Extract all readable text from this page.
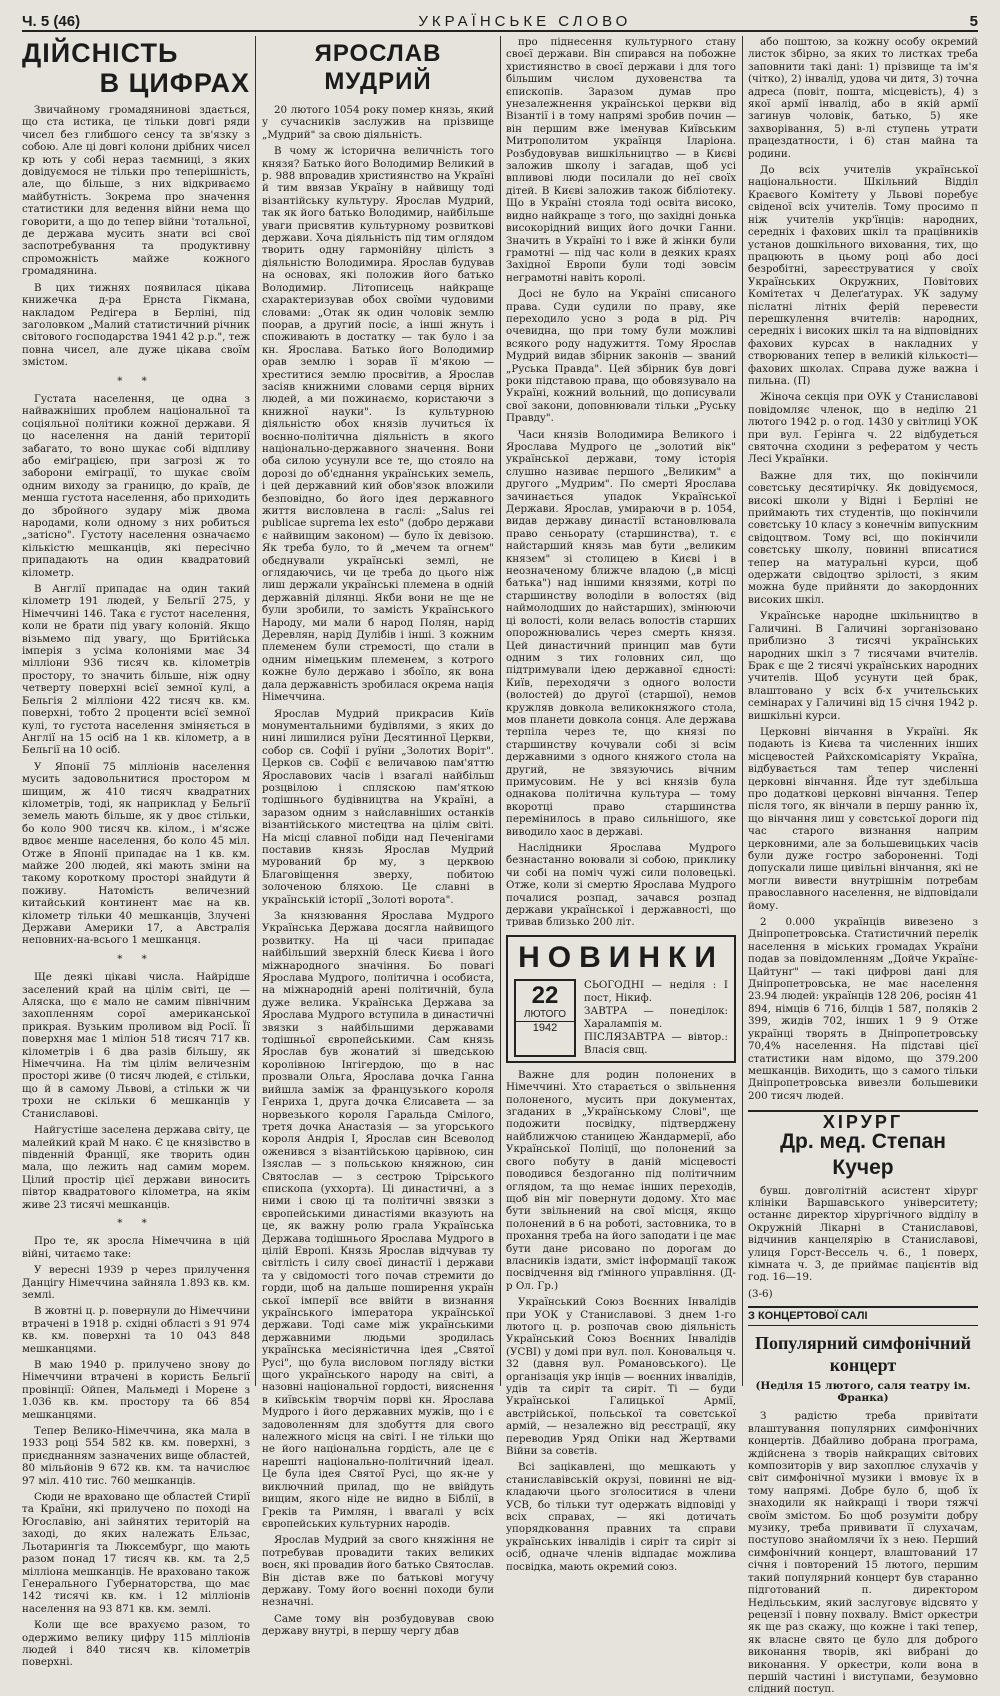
Ч. 5 (46)	УКРАЇНСЬКЕ СЛОВО	5
ДІЙСНІСТЬ
В ЦИФРАХ

Звичайному громадянинові здається, що ста истика, це тільки довгі ряди чисел без глибшого сенсу та зв'язку з собою. Але ці довгі колони дрібних чисел кр ють у собі нераз таємниці, з яких довідуємося не тільки про теперішність, але, що більше, з них відкриваємо майбутність. Зокрема про значення статистики для ведення війни нема що говорити, а що до тепер війни 'тотальної, де держава мусить знати всі свої заспотребування та продуктивну спроможність майже кожного громадянина.

В цих тижнях появилася цікава книжечка д-ра Ернста Гікмана, накладом Редігера в Берліні, під заголовком „Малий статистичний річник світового господарства 1941 42 р.р.", теж повна чисел, але дуже цікава своїм змістом.

* *

Густата населення, це одна з найважніших проблем національної та соціяльної політики кожної держави. Я цо населення на даній території забагато, то воно шукає собі відпливу або еміґрацією, при загрозі ж то заборони еміграції, то шукає своїм одним виходу за границю, до країв, де менша густота населення, або приходить до збройного зудару між двома народами, коли одному з них робиться „затісно". Густоту населення означаємо кількістю мешканців, які пересічно припадають на один квадратовий кілометр.

В Англії припадає на один такий кілометр 191 людей, у Бельгії 275, у Німеччині 146. Така є густот населення, коли не брати під увагу колоній. Якщо візьмемо під увагу, що Бритійська імперія з усіма колоніями має 34 мілліони 936 тисяч кв. кілометрів простору, то значить більше, ніж одну четверту поверхні всієї земної кулі, а Бельгія 2 мілліони 422 тисяч кв. км. поверхні, тобто 2 проценти всієї земної кулі, то густота населення зміняється в Англії на 15 осіб на 1 кв. кілометр, а в Бельгії на 10 осіб.

У Японії 75 мілліонів населення мусить задовольнитися простором м шищим, ж 410 тисяч квадратних кілометрів, тоді, як наприклад у Бельгії земель мають більше, як у двоє стільки, бо коло 900 тисяч кв. кілом., і м'ясже вдвоє менше населення, бо коло 45 міл. Отже в Японії припадає на 1 кв. км. майже 200 людей, які мають зміни на такому короткому просторі знайдути й поживу. Натомість величезний китайський континент має на кв. кілометр тільки 40 мешканців, Злучені Держави Америки 17, а Австралія неповних-на-всього 1 мешканця.

* *

Ще деякі цікаві числа. Найрідше заселений край на цілім світі, це — Аляска, що є мало не самим північним захопленням сорої американської прикрая. Вузьким проливом від Росії. Її поверхня має 1 міліон 518 тисяч 717 кв. кілометрів і 6 два разів більшу, як Німеччина. На тім цілім величезнім просторі живе (0 тисяч людей, є стільки, що й в самому Львові, а стільки ж чи трохи не скільки 6 мешканців у Станиславові.

Найгустіше заселена держава світу, це малейкий край М нако. Є це князівство в південній Франції, яке творить один мала, що лежить над самим морем. Цілий простір цієї держави виносить півтор квадратового кілометра, на якім живе 23 тисячі мешканців.

* *

Про те, як зросла Німеччина в цій війні, читаємо таке:

У вересні 1939 р через прилучення Данцігу Німеччина зайняла 1.893 кв. км. землі.

В жовтні ц. р. повернули до Німеччини втрачені в 1918 р. східні області з 91 974 кв. км. поверхні та 10 043 848 мешканцями.

В маю 1940 р. прилучено знову до Німеччини втрачені в користь Бельгії провінції: Ойпен, Мальмеді і Морене з 1.036 кв. км. простору та 66 854 мешканцями.

Тепер Велико-Німеччина, яка мала в 1933 році 554 582 кв. км. поверхні, з приєднанням зазначених вище областей, 80 мільйонів 9 672 кв. км. та начислює 97 міл. 410 тис. 760 мешканців.

Сюди не враховано ще областей Стирії та Країни, які прилучено по поході на Югославію, ані зайнятих територій на заході, до яких належать Ельзас, Льотарингія та Люксембург, що мають разом понад 17 тисяч кв. км. та 2,5 мілліона мешканців. Не враховано також Генерального Губернаторства, що має 142 тисячі кв. км. і 12 мілліонів населення на 93 871 кв. км. землі.

Коли ще все врахуємо разом, то одержимо велику цифру 115 мілліонів людей і 840 тисяч кв. кілометрів поверхні.

ЯРОСЛАВ МУДРИЙ

20 лютого 1054 року помер князь, який у сучасників заслужив на прізвище „Мудрий" за свою діяльність.

В чому ж історична величність того князя? Батько його Володимир Великий в р. 988 впровадив християнство на Україні й тим ввязав Україну в найвищу тоді візантійську культуру. Ярослав Мудрий, так як його батько Володимир, найбільше уваги присвятив культурному розвиткові держави. Хоча діяльність під тим оглядом творить одну гармонійну цілість з діяльністю Володимира. Ярослав будував на основах, які положив його батько Володимир. Літописець найкраще схарактеризував обох своїми чудовими словами: „Отак як один чоловік землю поорав, а другий посіє, а інші жнуть і споживають в достатку — так було і за кн. Ярослава. Батько його Володимир орав землю і зорав її м'якою — хреститися землю просвітив, а Ярослав засіяв книжними словами серця вірних людей, а ми пожинаємо, користаючи з книжної науки". Із культурною діяльністю обох князів лучиться їх воєнно-політична діяльність в якого національно-державного значення. Вони оба силою усунули все те, що стояло на дорозі до об'єднання українських земель, і цей державний кий обов'язок вложили безповідно, бо його ідея державного життя висловлена в гаслі: „Salus rei publicae suprema lex esto" (добро держави є найвищим законом) — було їх девізою. Як треба було, то й „мечем та огнем" обєднували українські землі, не оглядаючись, чи це треба до цього ніж лиш держали українські племена в одній державній ділянці. Якби вони не ще не були зробили, то замість Українського Народу, ми мали б народ Полян, нарід Деревлян, нарід Дулібів і інші. З кожним племенем були стремості, що стали в одним німецьким племенем, з котрого кожне було державо і збоїло, як вона дала державність зробилася окрема нація Німеччина.

Ярослав Мудрий прикрасив Київ монументальними будівлями, з яких до нині лишилися руїни Десятинної Церкви, собор св. Софії і руїни „Золотих Воріт". Церков св. Софії є величавою пам'яттю Ярославових часів і взагалі найбільш розцвілою і спляскою пам'яткою тодішнього будівництва на Україні, а заразом одним з найславніших останків візантійського мистецтва на цілім світі. На місці славної побіди над Печенігами поставив князь Ярослав Мудрий мурований бр му, з церквою Благовіщення зверху, побитою золоченою бляхою. Це славні в українській історії „Золоті ворота".

За князювання Ярослава Мудрого Українська Держава досягла найвищого розвитку. На ці часи припадає найбільший зверхній блеск Києва і його міжнародного значіння. Бо повагі Ярослава Мудрого, політична і особиста, на міжнародній арені політичній, була дуже велика. Українська Держава за Ярослава Мудрого вступила в династичні звязки з найбільшими державами тодішньої європейськими. Сам князь Ярослав був жонатий зі шведською королівною Інгігердою, що в нас прозвали Ольга, Ярослава дочка Ганна вийшла заміж за французького короля Генриха 1, друга дочка Єлисавета — за норвезького короля Гаральда Смілого, третя дочка Анастазія — за угорського короля Андрія І, Ярослав син Всеволод оженився з візантійською царівною, син Ізяслав — з польською княжною, син Святослав — з сестрою Трірського єпископа (уххорта). Ці династичні, а з ними і свою ці та політичні звязки з європейськими династіями вказують на це, як важну ролю грала Українська Держава тодішнього Ярослава Мудрого в цілій Европі. Князь Ярослав відчував ту світлість і силу своєї династії і держави та у свідомості того почав стремити до горди, щоб на дальше поширення україн ської імперії все ввійти в визнання українського імператора української держави. Тоді саме між українськими державними людьми зродилась українська месіяністична ідея „Святої Русі", що була висловом погляду вістки щого українського народу на світі, а назовні національної гордості, вияснення в київськім творчім порві кн. Ярослава Мудрого і його державних мужів, що і є задоволенням для здобуття для свого належного місця на світі. І не тільки що не його національна гордість, але це є нарешті національно-політичний ідеал. Це була ідея Святої Русі, що як-не у виключний прилад, що не ввійдуть вищим, якого ніде не видно в Біблії, в Греків та Римлян, і ввагалі у всіх європейських культурних народів.

Ярослав Мудрий за свого княжіння не потребував провадити таких великих воєн, які провадив його батько Святослав. Він дістав вже по батькові могучу державу. Тому його воєнні походи були незначні.

Саме тому він розбудовував свою державу внутрі, в першу чергу дбав

про піднесення культурного стану своєї держави. Він спирався на побожне християнство в своєї держави і для того більшим числом духовенства та єпископів. Заразом думав про унезалежнення українськоі церкви від Візантії і в тому напрямі зробив почин — він першим вже іменував Київським Митрополитом українця Іларіона. Розбудовував вишкільництво — в Києві заложив школу і загадав, щоб усі впливові люди посилали до неї своїх дітей. В Києві заложив також бібліотеку. Що в Україні стояла тоді освіта високо, видно найкраще з того, що західні донька високорідний вищих його дочки Ганни. Значить в Україні то і вже й жінки були грамотні — під час коли в деяких краях Західної Европи були тоді зовсім неграмотні навіть королі.

Досі не було на Україні списаного права. Суди судили по праву, яке переходило усно з рода в рід. Річ очевидна, що при тому були можливі всякого роду надужиття. Тому Ярослав Мудрий видав збірник законів — званий „Руська Правда". Цей збірник був довгі роки підставою права, що обовязувало на Україні, кожний вольний, що дописували свої закони, доповнювали тільки „Руську Правду".

Часи князів Володимира Великого і Ярослава Мудрого це „золотий вік" української держави, тому історія слушно називає першого „Великим" а другого „Мудрим". По смерті Ярослава зачинається упадок Української Держави. Ярослав, умираючи в р. 1054, видав державу династії встановлювала право сеньорату (старшинства), т. є найстарший князь мав бути „великим князем" зі столицею в Києві і в неозначеному ближче владою („в місці батька") над іншими князями, котрі по старшинству володіли в волостях (від наймолодших до найстарших), змінюючи ці волості, коли велась волостів старших опорожнювались через смерть князя. Цей династичний принцип мав бути одним з тих головних сил, що підтримували ідею державної єдності: Київ, переходячи з одного волости (волостей) до другої (старшої), немов кружляв довкола великокняжого стола, мов планети довкола сонця. Але держава терпіла через те, що князі по старшинству кочували собі зі всім державними з одного княжого стола на другий, не звязуючись вічним примусовим. Не у всі князів була однакова політична культура — тому вкоротці право старшинства перемінилось в право сильнішого, яке виводило хаос в державі.

Наслідники Ярослава Мудрого безнастанно воювали зі собою, приклику чи собі на поміч чужі сили половецькі. Отже, коли зі смертю Ярослава Мудрого почалися розпад, зачався розпад держави української і державності, що тривав близько 200 літ.

НОВИНКИ
22
ЛЮТОГО
1942
СЬОГОДНІ — неділя : І пост, Нікиф.
ЗАВТРА — понеділок: Харалампія м.
ПІСЛЯЗАВТРА — вівтор.: Власія свщ.

Важне для родин полонених в Німеччині. Хто старається о звільнення полоненого, мусить при документах, згаданих в „Українському Слові", ще подожити посвідку, підтверджену найближчою станицею Жандармерії, або Української Поліції, що полонений за свого побуту в даній місцевості поводився бездоганно під політичним оглядом, та що немає інших переходів, щоб він міг повернути додому. Хто має бути звільнений на свої місця, якщо полонений в 6 на роботі, застовника, то в прохання треба на його заподати і це має бути дане рисовано по дорогам до власників іздати, зміст інформації також посвідчення від ґмінного управління. (Д-р Ол. Гр.)

Український Союз Воєнних Інвалідів при УОК у Станиславові. З днем 1-го лютого ц. р. розпочав свою діяльність Український Союз Воєнних Інвалідів (УСВІ) у домі при вул. пол. Коновальця ч. 32 (давня вул. Романовського). Це організація укр інців — воєнних інвалідів, удів та сиріт та сиріт. Ті — буди Українськоі Галицької Армії, австрійської, польської та совєтської армій, — незалежно від реєстрації, яку переводив Уряд Опіки над Жертвами Війни за совєтів.

Всі зацікавлені, що мешкають у станиславівській окрузі, повинні не від-кладаючи цього зголоситися в члени УСВ, бо тільки тут одержать відповіді у всіх справах, — які дотичать упорядковання правних та справи українських інвалідів і сиріт та сиріт зі осіб, одначе членів відпадає можлива посвідка, мають окремий союз.

або поштою, за кожну особу окремий листок збірно, за яких то листках треба заповнити такі дані: 1) прізвище та ім'я (чітко), 2) інвалід, удова чи дитя, 3) точна адреса (повіт, пошта, місцевість), 4) з якої армії інвалід, або в якій армії загинув чоловік, батько, 5) яке захворівання, 5) в-лі ступень утрати працездатности, і 6) стан майна та родини.

До всіх учителів української національности. Шкільний Відділ Краєвого Комітету у Львові поребує свіденої всіх учителів. Тому просимо п ніж учителів укр'їнців: народних, середніх і фахових шкіл та працівників установ дошкільного виховання, тих, що працюють в цьому році або досі безробітні, зареєструватися у своїх Українських Окружних, Повітових Комітетах ч Делеґатурах. УК задуму післатні літніх ферій перевести перешкулення вчителів: народних, середніх і високих шкіл та на відповідних фахових курсах в накладних у створюваних тепер в великій кількості— фахових школах. Справа дуже важна і пильна. (П)

Жіноча секція при ОУК у Станиславові повідомляє членок, що в неділю 21 лютого 1942 р. о год. 1430 у світлиці УОК при вул. Ґерінга ч. 22 відбудеться святочна сходини з рефератом у честь Лесі Українки.

Важне для тих, що покінчили совєтську десятирічку. Як довідуємося, високі школи у Відні і Берліні не приймають тих студентів, що покінчили совєтську 10 класу з конечнім випускним свідоцтвом. Тому всі, що покінчили совєтську школу, повинні вписатися тепер на матуральні курси, щоб одержати свідоцтво зрілості, з яким можна буде прийняти до закордонних високих шкіл.

Українське народне шкільництво в Галичині. В Галичині зорганізовано приблизно 3 тисячі українських народних шкіл з 7 тисячами вчителів. Брак є ще 2 тисячі українських народних учителів. Щоб усунути цей брак, влаштовано у всіх б-х учительських семінарах у Галичині від 15 січня 1942 р. вишкільні курси.

Церковні вінчання в Україні. Як подають із Києва та численних інших місцевостей Райхскомісаріяту Україна, відбувається там тепер численні церковні вінчання. Йде тут здебільша про додаткові церковні вінчання. Тепер після того, як вінчали в першу ранню їх, що вінчання лиш у совєтської дороги під час старого визнання наприм церковними, але за большевицьких часів були дуже гостро забороненні. Тоді допускали лише цивільні вінчання, які не могли вивести внутрішнім потребам православного населення, не відповідали йому.

2 0.000 українців вивезено з Дніпропетровська. Статистичний перелік населення в міських громадах України подав за повідомленням „Дойче Українє-Цайтунґ" — такі цифрові дані для Дніпропетровська, не має населення 23.94 людей: українців 128 206, росіян 41 894, німців 6 716, білців 1 587, поляків 2 399, жидів 702, інших 1 9 9 Отже українці творять в Дніпропетровську 70,4% населення. На підставі цієї статистики нам відомо, що 379.200 мешканців. Виходить, що з самого тільки Дніпропетровська вивезли большевики 200 тисяч людей.

ХІРУРГ
Др. мед. Степан Кучер

бувш. довголітній асистент хірург клініки Варшавського університету; останнє директор хірургічного відділу в Окружній Лікарні в Станиславові, відчинив канцелярію в Станиславові, улиця Горст-Вессель ч. 6., 1 поверх, кімната ч. 3, де приймає пацієнтів від год. 16—19.

(3-6)

З КОНЦЕРТОВОЇ САЛІ
Популярний симфонічний концерт
(Неділя 15 лютого, саля театру ім. Франка)

З радістю треба привітати влаштування популярних симфонічних концертів. Дбайливо добрана програма, ждійснена з творів найкращих світових композиторів у вир захоплює слухачів у світ симфонічної музики і вмовує їх в тому напрямі. Добре було б, щоб їх знаходили як найкращі і твори тяжчі своїм змістом. Бо щоб розуміти добру музику, треба прививати її слухачам, поступово знайомлячи їх з нею. Перший симфонічний концерт, влаштований 17 січня і повторений 15 лютого, першим такий популярний концерт був старанно підготований п. директором Недільським, який заслуговує відсвято у рецензії і повну похвалу. Вміст оркестри як ще раз скажу, що кожне і такі тепер, як власне свято це було для доброго виконання творів, які вибрані до виконання. У оркестри, коли вона в першій частині і виступами, безумовно слідний поступ.
